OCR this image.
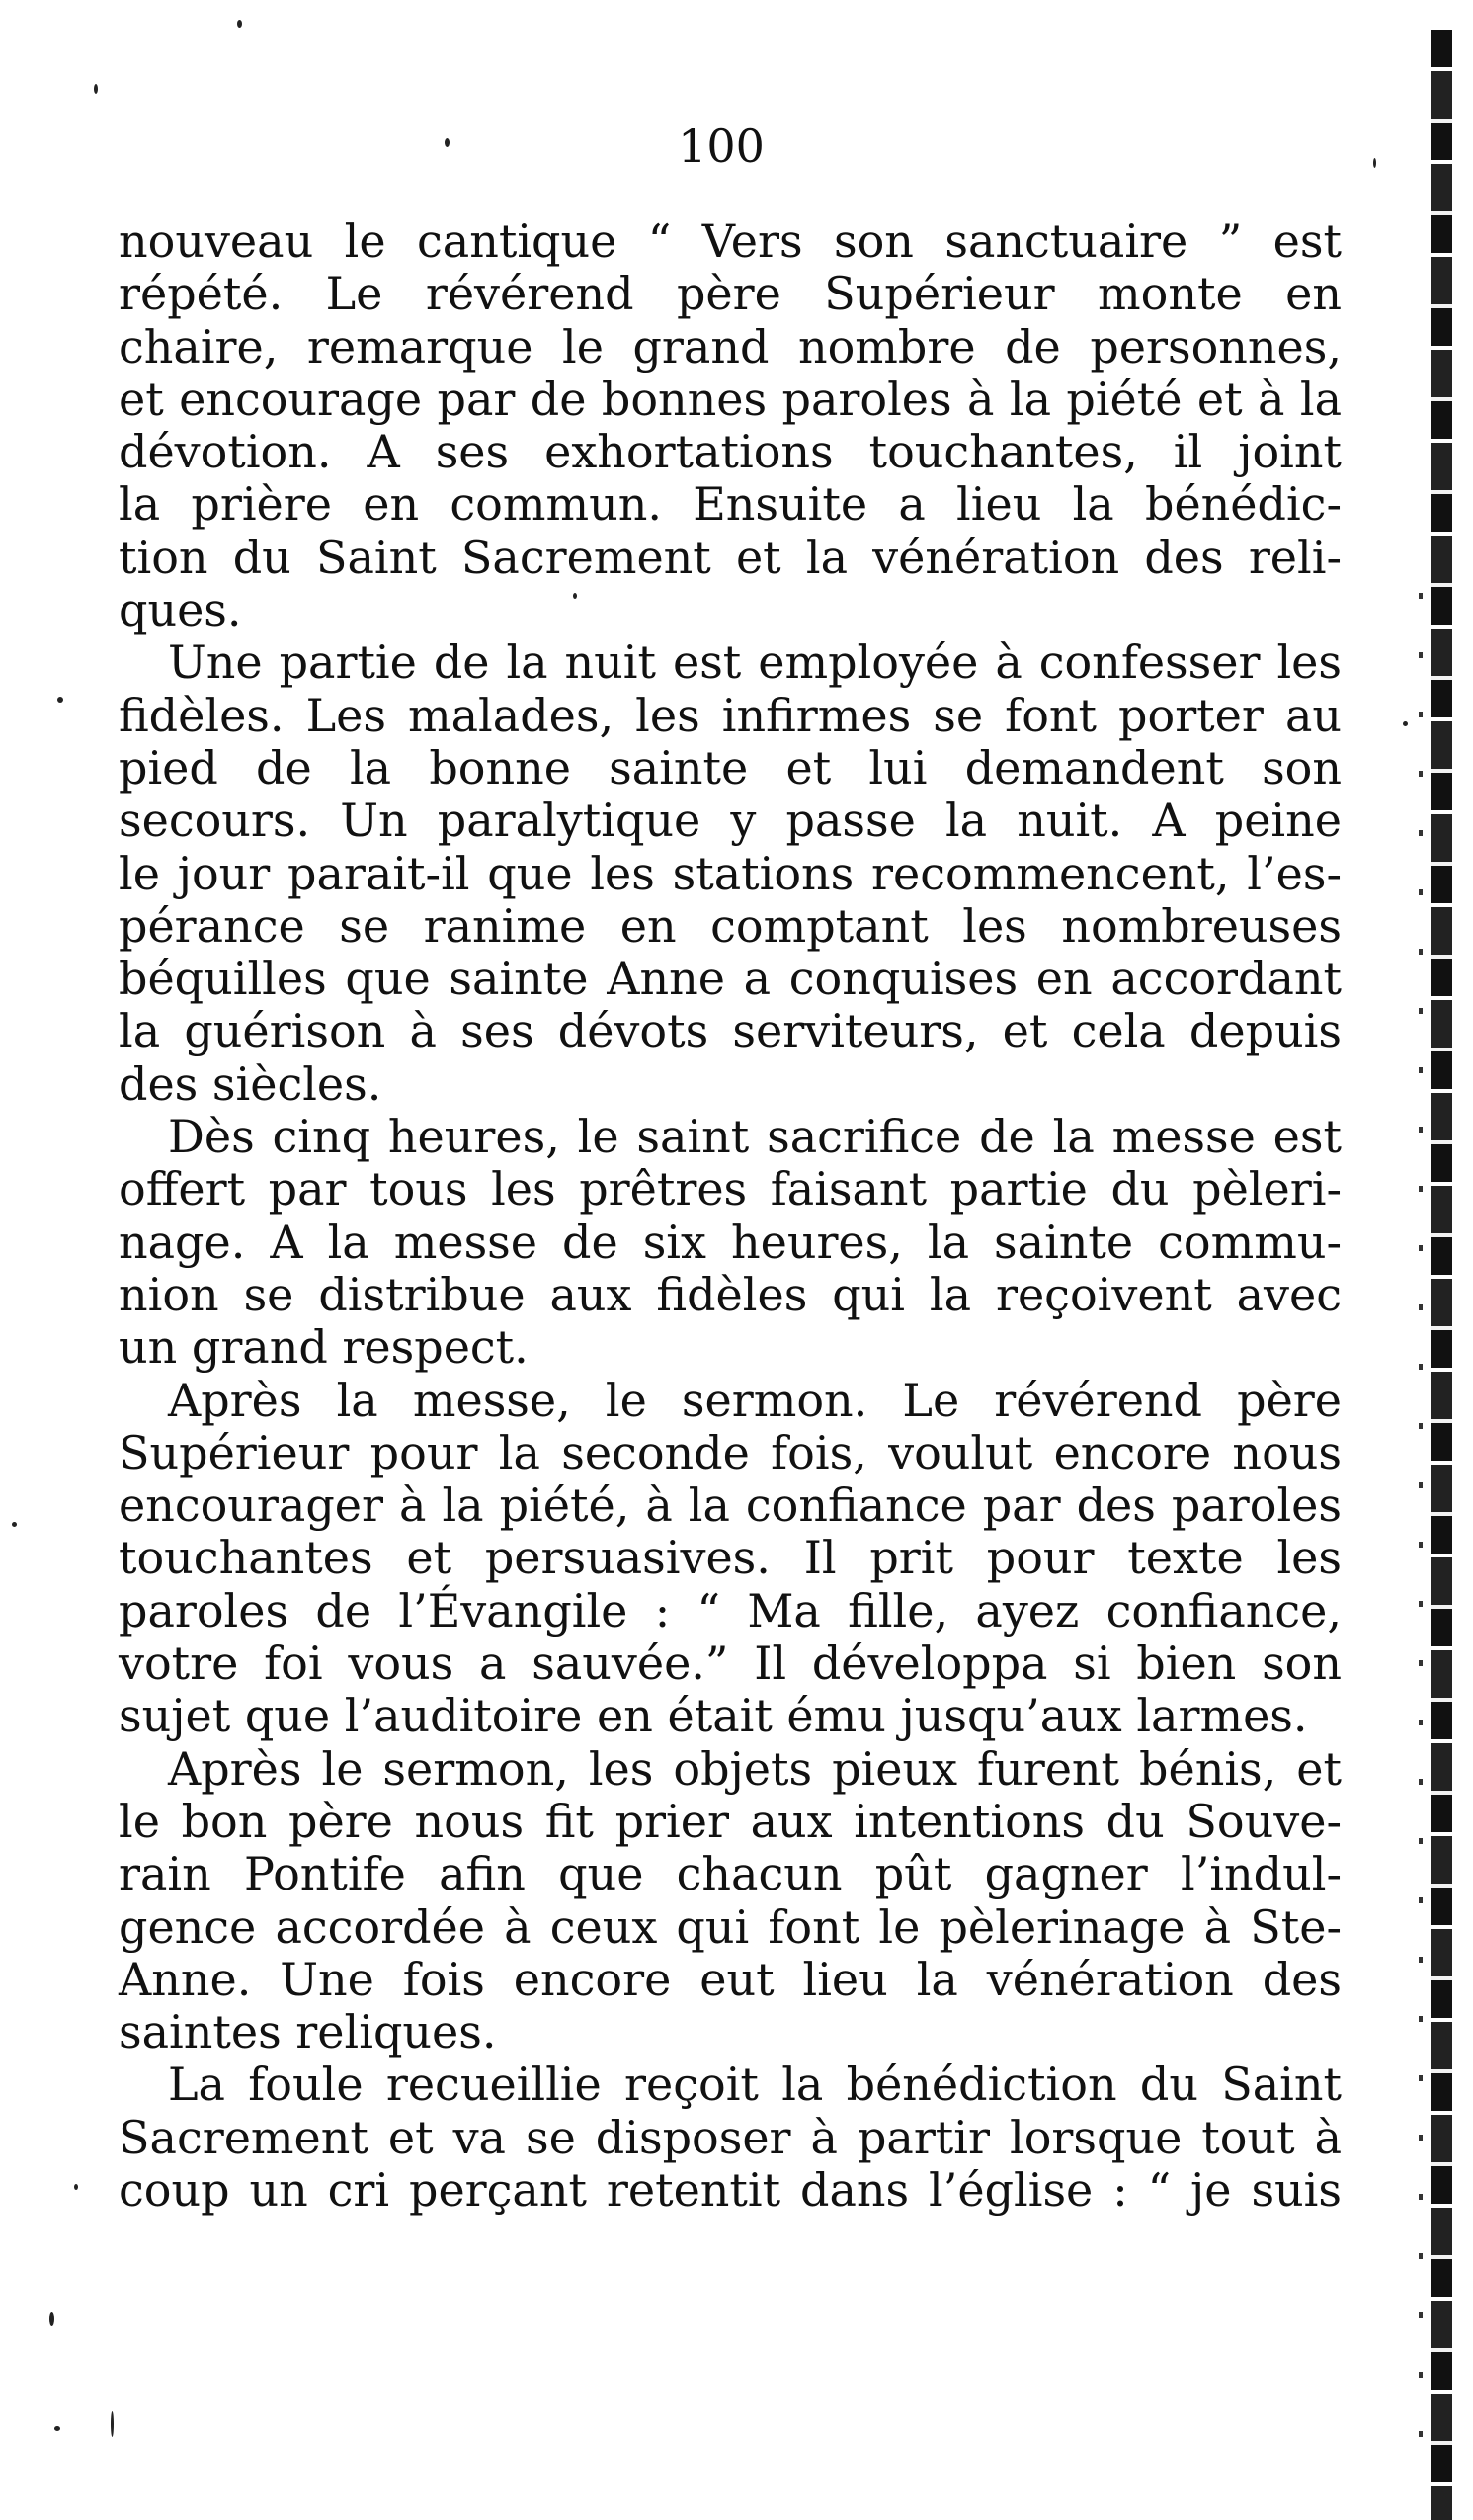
100
nouveau le cantique “ Vers son sanctuaire ” est
répété. Le révérend père Supérieur monte en
chaire, remarque le grand nombre de personnes,
et encourage par de bonnes paroles à la piété et à la
dévotion. A ses exhortations touchantes, il joint
la prière en commun. Ensuite a lieu la bénédic-
tion du Saint Sacrement et la vénération des reli-
ques.
Une partie de la nuit est employée à confesser les
fidèles. Les malades, les infirmes se font porter au
pied de la bonne sainte et lui demandent son
secours. Un paralytique y passe la nuit. A peine
le jour parait-il que les stations recommencent, l’es-
pérance se ranime en comptant les nombreuses
béquilles que sainte Anne a conquises en accordant
la guérison à ses dévots serviteurs, et cela depuis
des siècles.
Dès cinq heures, le saint sacrifice de la messe est
offert par tous les prêtres faisant partie du pèleri-
nage. A la messe de six heures, la sainte commu-
nion se distribue aux fidèles qui la reçoivent avec
un grand respect.
Après la messe, le sermon. Le révérend père
Supérieur pour la seconde fois, voulut encore nous
encourager à la piété, à la confiance par des paroles
touchantes et persuasives. Il prit pour texte les
paroles de l’Évangile : “ Ma fille, ayez confiance,
votre foi vous a sauvée.” Il développa si bien son
sujet que l’auditoire en était ému jusqu’aux larmes.
Après le sermon, les objets pieux furent bénis, et
le bon père nous fit prier aux intentions du Souve-
rain Pontife afin que chacun pût gagner l’indul-
gence accordée à ceux qui font le pèlerinage à Ste-
Anne. Une fois encore eut lieu la vénération des
saintes reliques.
La foule recueillie reçoit la bénédiction du Saint
Sacrement et va se disposer à partir lorsque tout à
coup un cri perçant retentit dans l’église : “ je suis
